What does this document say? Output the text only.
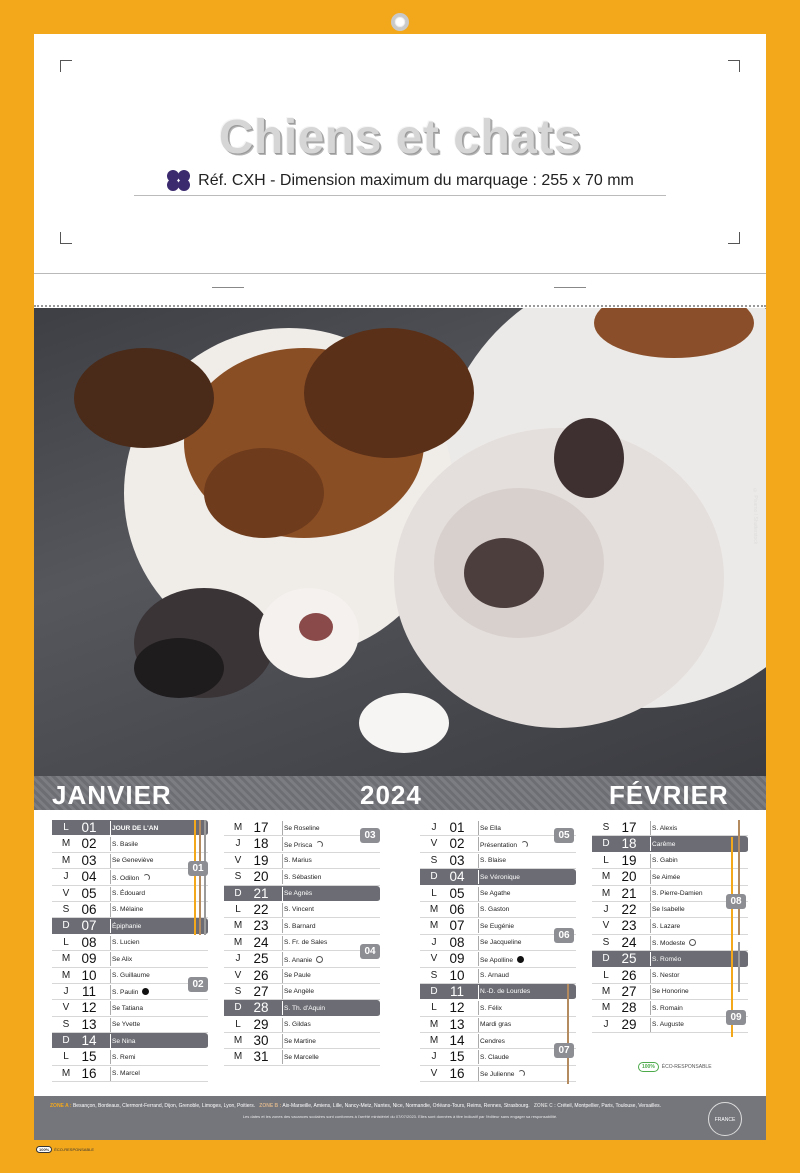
Chiens et chats
Réf. CXH - Dimension maximum du marquage : 255 x 70 mm
© Pixarno / Shutterstock
JANVIER	2024	FÉVRIER
L 01	JOUR DE L'AN
M 02	S. Basile
M 03	Se Geneviève
J 04	S. Odilon
V 05	S. Édouard
S 06	S. Mélaine
D 07	Épiphanie
L 08	S. Lucien
M 09	Se Alix
M 10	S. Guillaume
J 11	S. Paulin
V 12	Se Tatiana
S 13	Se Yvette
D 14	Se Nina
L 15	S. Remi
M 16	S. Marcel
M 17	Se Roseline
J 18	Se Prisca
V 19	S. Marius
S 20	S. Sébastien
D 21	Se Agnès
L 22	S. Vincent
M 23	S. Barnard
M 24	S. Fr. de Sales
J 25	S. Ananie
V 26	Se Paule
S 27	Se Angèle
D 28	S. Th. d'Aquin
L 29	S. Gildas
M 30	Se Martine
M 31	Se Marcelle
J 01	Se Ella
V 02	Présentation
S 03	S. Blaise
D 04	Se Véronique
L 05	Se Agathe
M 06	S. Gaston
M 07	Se Eugénie
J 08	Se Jacqueline
V 09	Se Apolline
S 10	S. Arnaud
D 11	N.-D. de Lourdes
L 12	S. Félix
M 13	Mardi gras
M 14	Cendres
J 15	S. Claude
V 16	Se Julienne
S 17	S. Alexis
D 18	Carême
L 19	S. Gabin
M 20	Se Aimée
M 21	S. Pierre-Damien
J 22	Se Isabelle
V 23	S. Lazare
S 24	S. Modeste
D 25	S. Roméo
L 26	S. Nestor
M 27	Se Honorine
M 28	S. Romain
J 29	S. Auguste
01
02
03
04
05
06
07
08
09
100%	ÉCO-RESPONSABLE
ZONE A : Besançon, Bordeaux, Clermont-Ferrand, Dijon, Grenoble, Limoges, Lyon, Poitiers. ZONE B : Aix-Marseille, Amiens, Lille, Nancy-Metz, Nantes, Nice, Normandie, Orléans-Tours, Reims, Rennes, Strasbourg. ZONE C : Créteil, Montpellier, Paris, Toulouse, Versailles.
Les dates et les zones des vacances scolaires sont conformes à l'arrêté ministériel du 07/07/2023. Elles sont données à titre indicatif par l'éditeur sans engager sa responsabilité.
FRANCE
100%	ÉCO-RESPONSABLE
